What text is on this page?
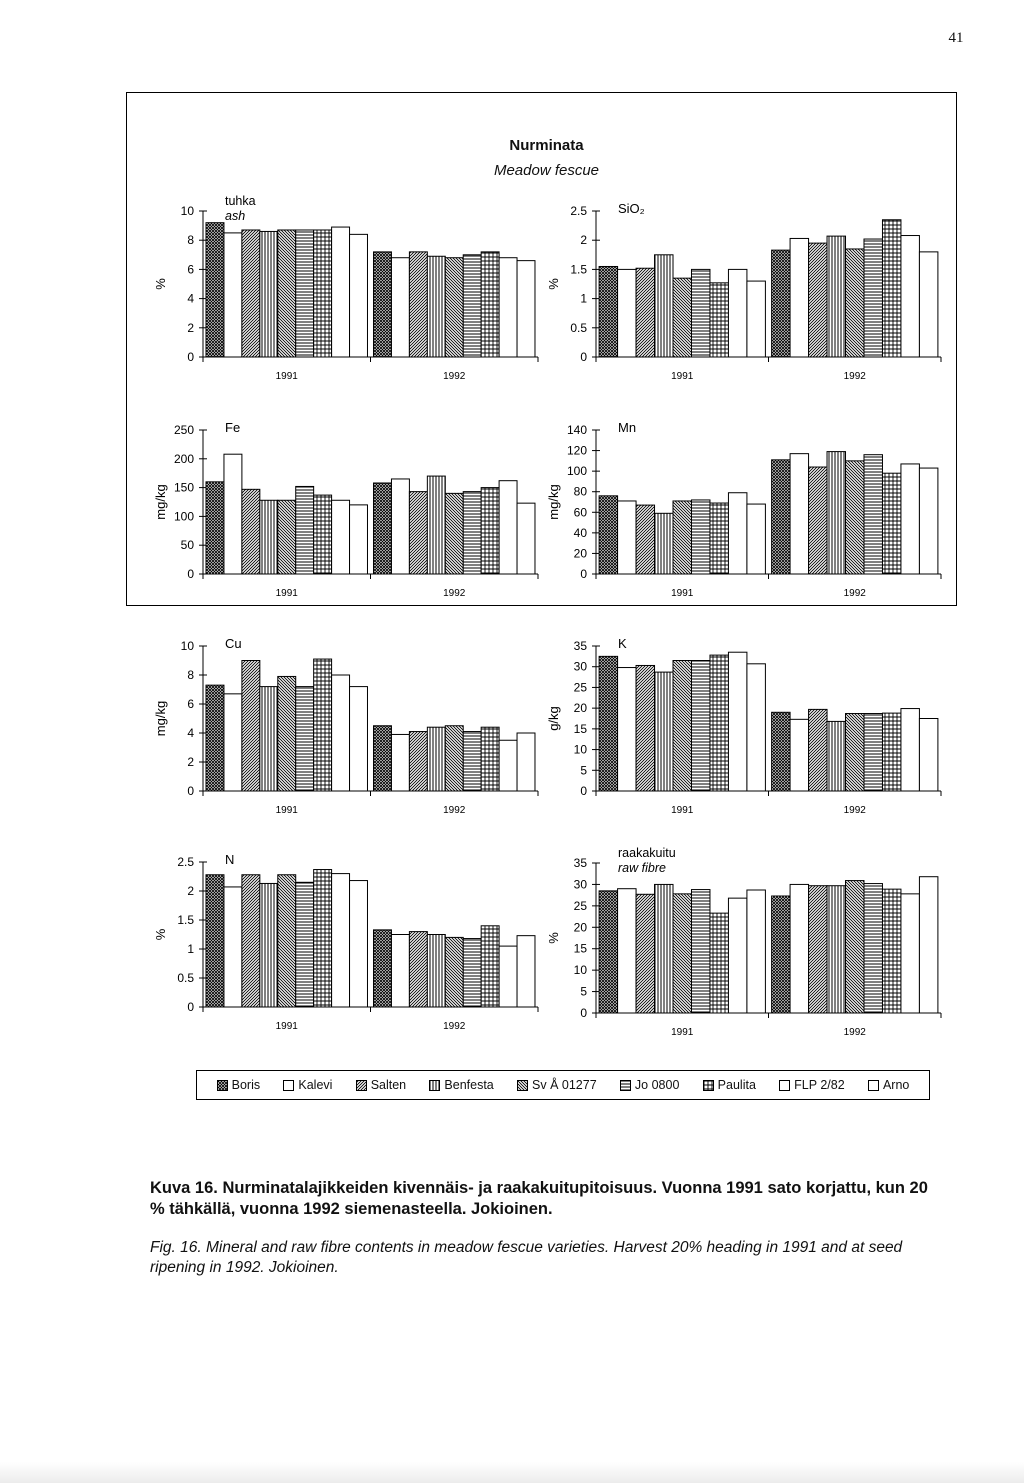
41
Nurminata
Meadow fescue
0
2
4
6
8
10
1991	1992
%
tuhka
ash
0
0.5
1
1.5
2
2.5
1991	1992
%
SiO₂
0
50
100
150
200
250
1991	1992
mg/kg
Fe
0
20
40
60
80
100
120
140
1991	1992
mg/kg
Mn
0
2
4
6
8
10
1991	1992
mg/kg
Cu
0
5
10
15
20
25
30
35
1991	1992
g/kg
K
0
0.5
1
1.5
2
2.5
1991	1992
%
N
0
5
10
15
20
25
30
35
1991	1992
%
raakakuitu
raw fibre
Boris	Kalevi	Salten	Benfesta	Sv Å 01277	Jo 0800	Paulita	FLP 2/82	Arno

Kuva 16. Nurminatalajikkeiden kivennäis- ja raakakuitupitoisuus. Vuonna 1991 sato korjattu, kun 20 % tähkällä, vuonna 1992 siemenasteella. Jokioinen.

Fig. 16. Mineral and raw fibre contents in meadow fescue varieties. Harvest 20% heading in 1991 and at seed ripening in 1992. Jokioinen.
